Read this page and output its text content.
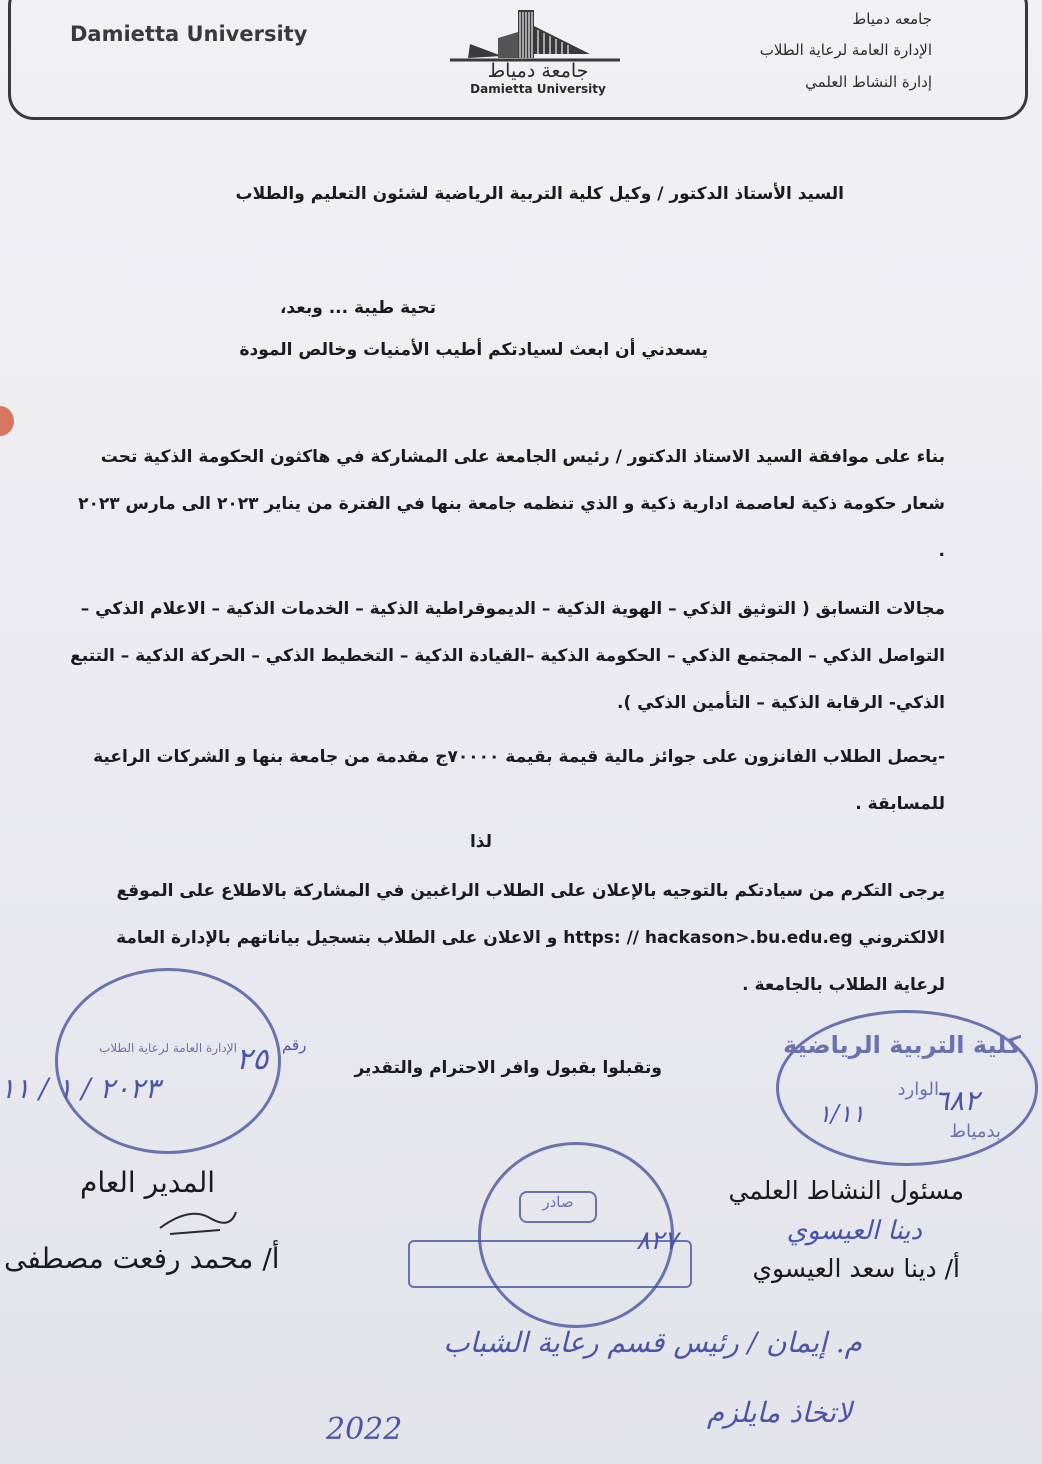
Damietta University
جامعة دمياط
Damietta University
جامعه دمياط
الإدارة العامة لرعاية الطلاب
إدارة النشاط العلمي
السيد الأستاذ الدكتور / وكيل كلية التربية الرياضية لشئون التعليم والطلاب
تحية طيبة ... وبعد،
يسعدني أن ابعث لسيادتكم أطيب الأمنيات وخالص المودة
بناء على موافقة السيد الاستاذ الدكتور / رئيس الجامعة على المشاركة في هاكثون الحكومة الذكية تحت شعار حكومة ذكية لعاصمة ادارية ذكية و الذي تنظمه جامعة بنها في الفترة من يناير ٢٠٢٣ الى مارس ٢٠٢٣ .
مجالات التسابق ( التوثيق الذكي – الهوية الذكية – الديموقراطية الذكية – الخدمات الذكية – الاعلام الذكي – التواصل الذكي – المجتمع الذكي – الحكومة الذكية –القيادة الذكية – التخطيط الذكي – الحركة الذكية – التتبع الذكي- الرقابة الذكية – التأمين الذكي ).
-يحصل الطلاب الفانزون على جوائز مالية قيمة بقيمة ٧٠٠٠٠ج مقدمة من جامعة بنها و الشركات الراعية للمسابقة .
لذا
يرجى التكرم من سيادتكم بالتوجيه بالإعلان على الطلاب الراغبين في المشاركة بالاطلاع على الموقع الالكتروني https: // hackason>.bu.edu.eg و الاعلان على الطلاب بتسجيل بياناتهم بالإدارة العامة لرعاية الطلاب بالجامعة .
وتقبلوا بقبول وافر الاحترام والتقدير
الإدارة العامة لرعاية الطلاب	رقم
٢٥
٢٠٢٣ / ١ / ١١
صادر
٨٢٧
كلية التربية الرياضية
الوارد
بدمياط
٦٨٢
١/١١
مسئول النشاط العلمي
دينا العيسوي
أ/ دينا سعد العيسوي
المدير العام
أ/ محمد رفعت مصطفى
م. إيمان / رئيس قسم رعاية الشباب
لاتخاذ مايلزم
2022
